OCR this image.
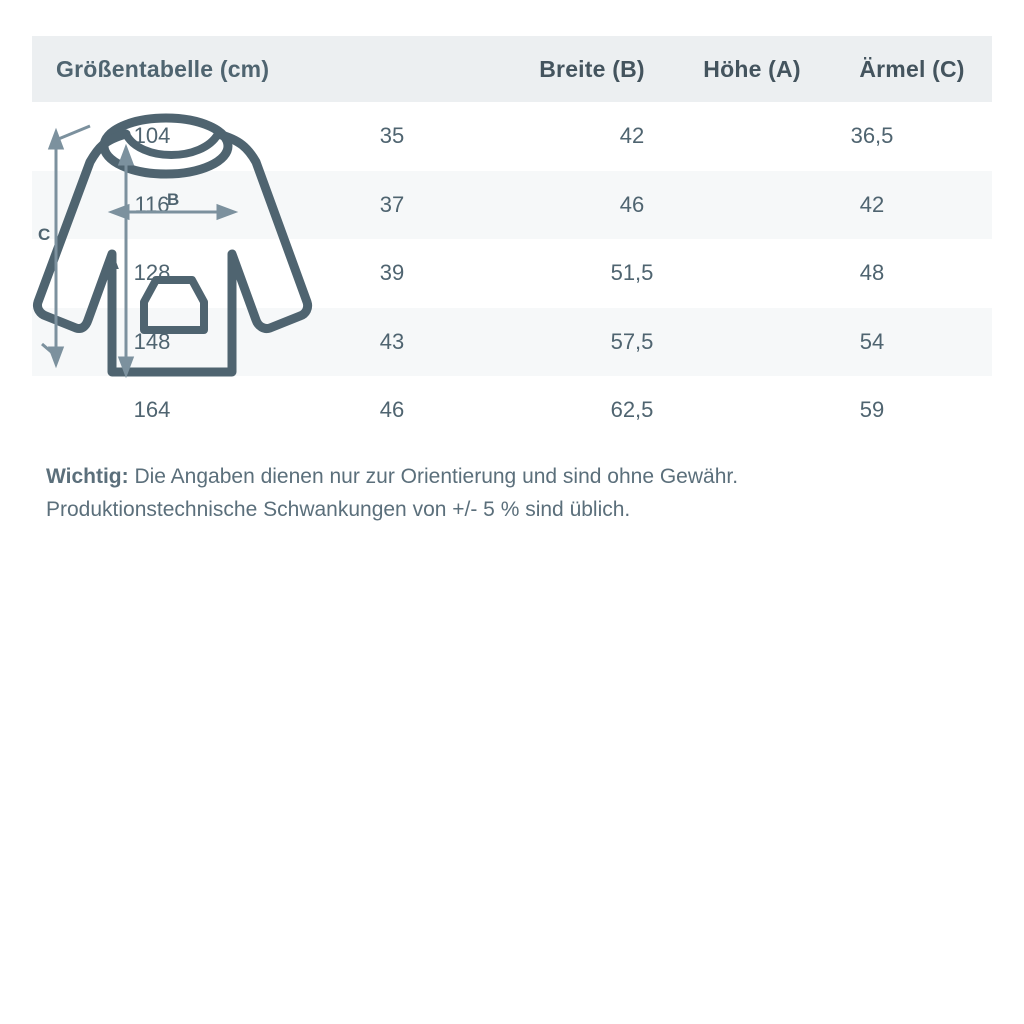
Größentabelle (cm)	Breite (B)	Höhe (A)	Ärmel (C)
104	35	42	36,5
116	37	46	42
128	39	51,5	48
148	43	57,5	54
164	46	62,5	59
C
B
A
Wichtig: Die Angaben dienen nur zur Orientierung und sind ohne Gewähr.
Produktionstechnische Schwankungen von +/- 5 % sind üblich.
